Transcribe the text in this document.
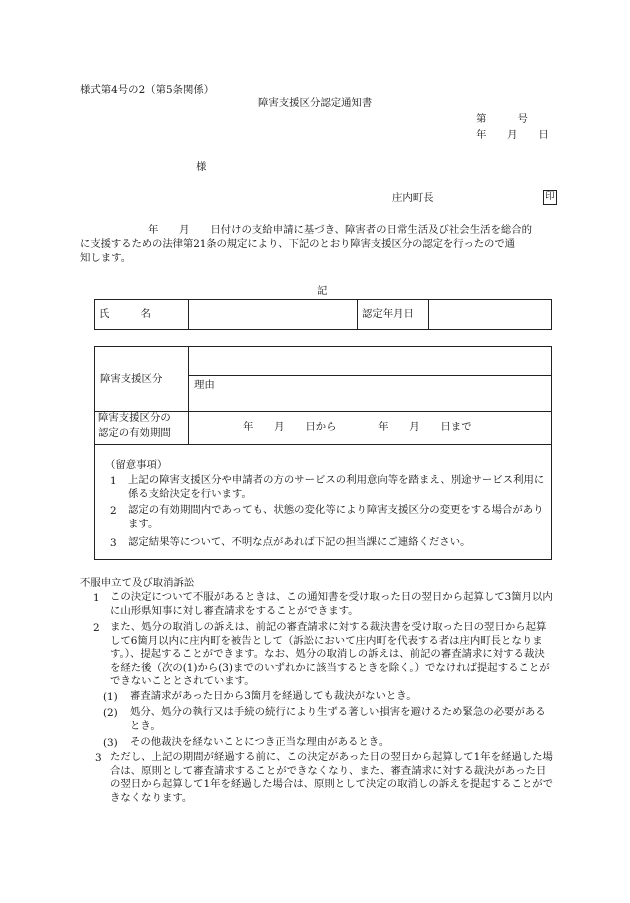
様式第4号の2（第5条関係）
障害支援区分認定通知書
第　　　号
年　　月　　日
様
庄内町長	印
年　　月　　日付けの支給申請に基づき、障害者の日常生活及び社会生活を総合的
に支援するための法律第21条の規定により、下記のとおり障害支援区分の認定を行ったので通
知します。
記
氏　　　名	認定年月日
障害支援区分	理由
障害支援区分の
認定の有効期間	年　　月　　日から　　　　年　　月　　日まで
（留意事項）
1 上記の障害支援区分や申請者の方のサービスの利用意向等を踏まえ、別途サービス利用に係る支給決定を行います。
2 認定の有効期間内であっても、状態の変化等により障害支援区分の変更をする場合があります。
3 認定結果等について、不明な点があれば下記の担当課にご連絡ください。
不服申立て及び取消訴訟
1 この決定について不服があるときは、この通知書を受け取った日の翌日から起算して3箇月以内に山形県知事に対し審査請求をすることができます。
2 また、処分の取消しの訴えは、前記の審査請求に対する裁決書を受け取った日の翌日から起算して6箇月以内に庄内町を被告として（訴訟において庄内町を代表する者は庄内町長となります。）、提起することができます。なお、処分の取消しの訴えは、前記の審査請求に対する裁決を経た後（次の(1)から(3)までのいずれかに該当するときを除く。）でなければ提起することができないこととされています。
(1) 審査請求があった日から3箇月を経過しても裁決がないとき。
(2) 処分、処分の執行又は手続の続行により生ずる著しい損害を避けるため緊急の必要があるとき。
(3) その他裁決を経ないことにつき正当な理由があるとき。
3 ただし、上記の期間が経過する前に、この決定があった日の翌日から起算して1年を経過した場合は、原則として審査請求することができなくなり、また、審査請求に対する裁決があった日の翌日から起算して1年を経過した場合は、原則として決定の取消しの訴えを提起することができなくなります。
